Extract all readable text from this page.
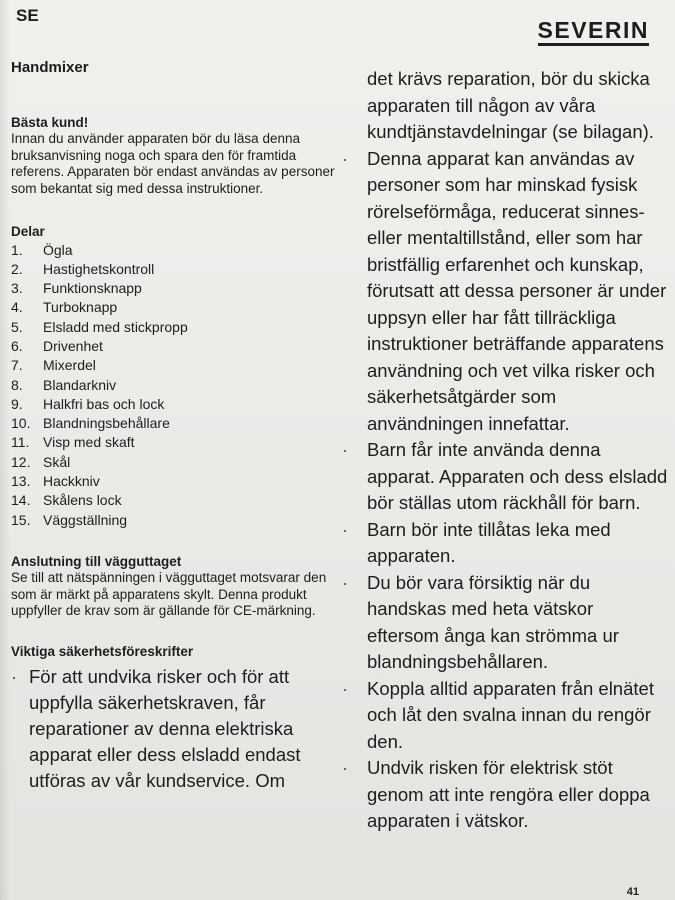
SE
SEVERIN
Handmixer
Bästa kund!

Innan du använder apparaten bör du läsa denna bruksanvisning noga och spara den för framtida referens. Apparaten bör endast användas av personer som bekantat sig med dessa instruktioner.

Delar
1.	Ögla
2.	Hastighetskontroll
3.	Funktionsknapp
4.	Turboknapp
5.	Elsladd med stickpropp
6.	Drivenhet
7.	Mixerdel
8.	Blandarkniv
9.	Halkfri bas och lock
10. Blandningsbehållare
11. Visp med skaft
12. Skål
13. Hackkniv
14. Skålens lock
15. Väggställning
Anslutning till vägguttaget

Se till att nätspänningen i vägguttaget motsvarar den som är märkt på apparatens skylt. Denna produkt uppfyller de krav som är gällande för CE-märkning.

Viktiga säkerhetsföreskrifter
· För att undvika risker och för att uppfylla säkerhetskraven, får reparationer av denna elektriska apparat eller dess elsladd endast utföras av vår kundservice. Om

det krävs reparation, bör du skicka apparaten till någon av våra kundtjänstavdelningar (se bilagan).

·	Denna apparat kan användas av personer som har minskad fysisk rörelseförmåga, reducerat sinnes- eller mentaltillstånd, eller som har bristfällig erfarenhet och kunskap, förutsatt att dessa personer är under uppsyn eller har fått tillräckliga instruktioner beträffande apparatens användning och vet vilka risker och säkerhetsåtgärder som användningen innefattar.
·	Barn får inte använda denna apparat. Apparaten och dess elsladd bör ställas utom räckhåll för barn.
·	Barn bör inte tillåtas leka med apparaten.
·	Du bör vara försiktig när du handskas med heta vätskor eftersom ånga kan strömma ur blandningsbehållaren.
·	Koppla alltid apparaten från elnätet och låt den svalna innan du rengör den.
·	Undvik risken för elektrisk stöt genom att inte rengöra eller doppa apparaten i vätskor.
41
